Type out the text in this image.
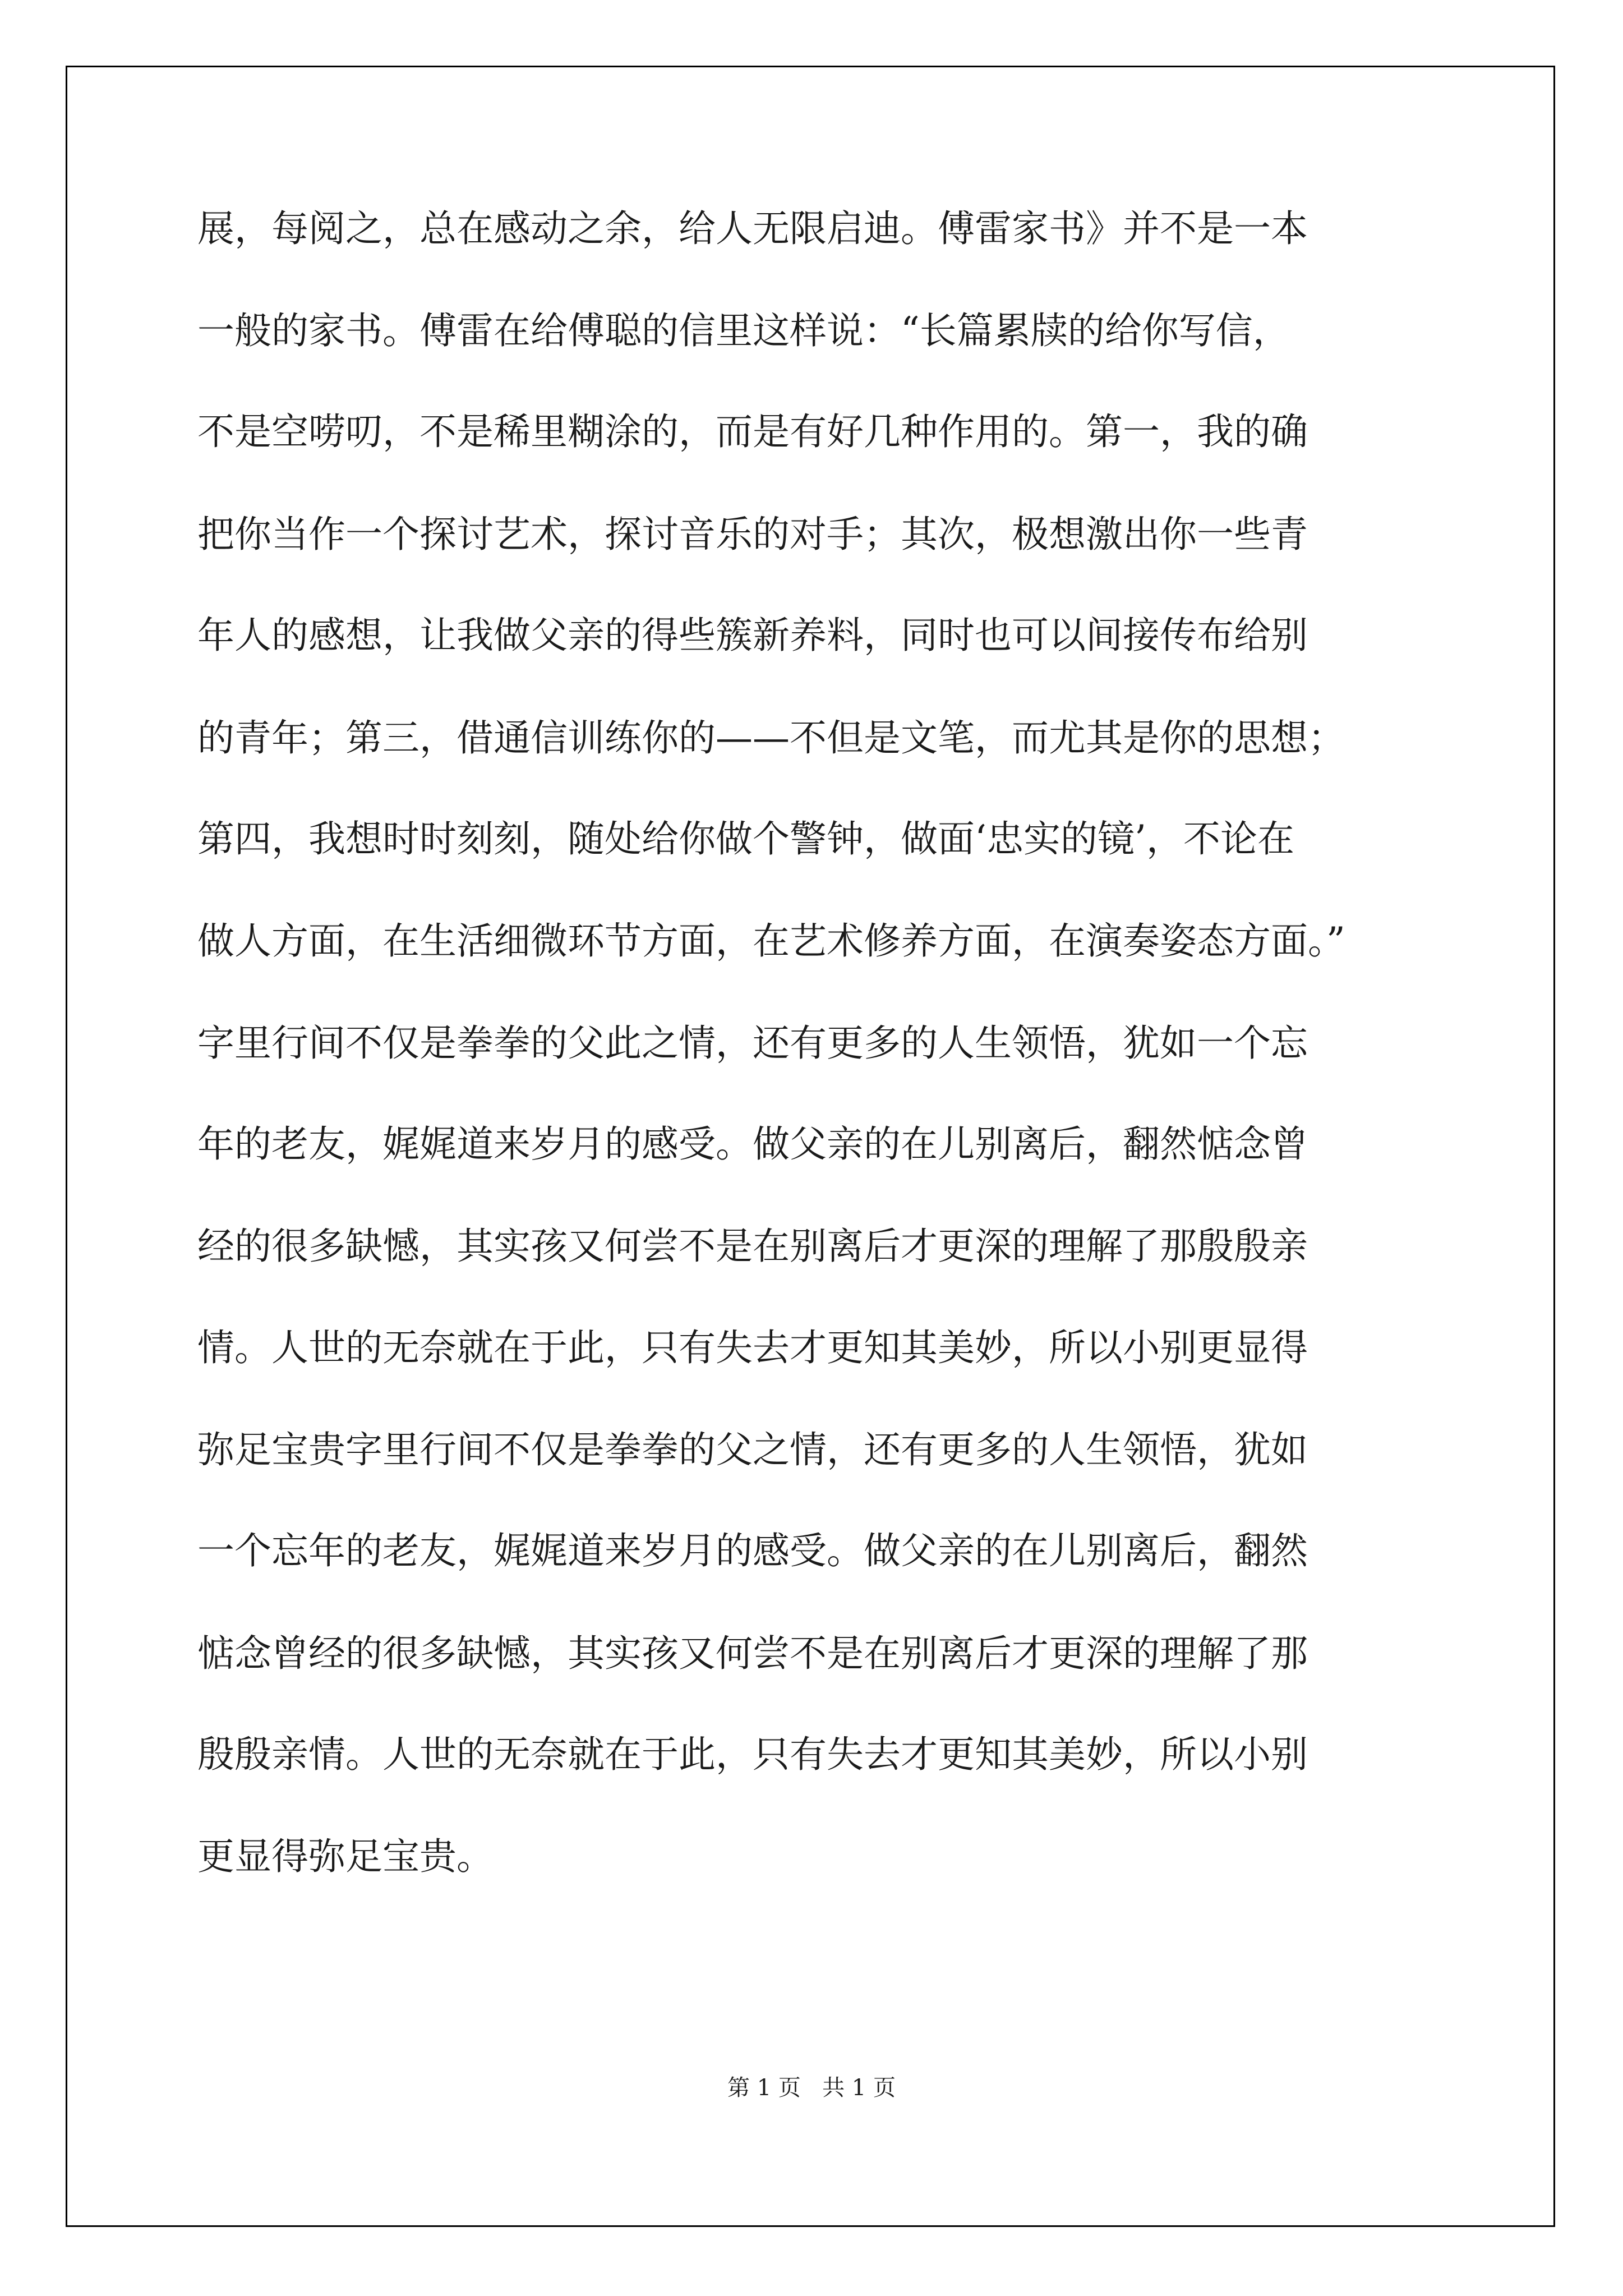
展，每阅之，总在感动之余，给人无限启迪。傅雷家书》并不是一本
一般的家书。傅雷在给傅聪的信里这样说：“长篇累牍的给你写信，
不是空唠叨，不是稀里糊涂的，而是有好几种作用的。第一，我的确
把你当作一个探讨艺术，探讨音乐的对手；其次，极想激出你一些青
年人的感想，让我做父亲的得些簇新养料，同时也可以间接传布给别
的青年；第三，借通信训练你的——不但是文笔，而尤其是你的思想；
第四，我想时时刻刻，随处给你做个警钟，做面‘忠实的镜’，不论在
做人方面，在生活细微环节方面，在艺术修养方面，在演奏姿态方面。”
字里行间不仅是拳拳的父此之情，还有更多的人生领悟，犹如一个忘
年的老友，娓娓道来岁月的感受。做父亲的在儿别离后，翻然惦念曾
经的很多缺憾，其实孩又何尝不是在别离后才更深的理解了那殷殷亲
情。人世的无奈就在于此，只有失去才更知其美妙，所以小别更显得
弥足宝贵字里行间不仅是拳拳的父之情，还有更多的人生领悟，犹如
一个忘年的老友，娓娓道来岁月的感受。做父亲的在儿别离后，翻然
惦念曾经的很多缺憾，其实孩又何尝不是在别离后才更深的理解了那
殷殷亲情。人世的无奈就在于此，只有失去才更知其美妙，所以小别
更显得弥足宝贵。
第 1 页   共 1 页
